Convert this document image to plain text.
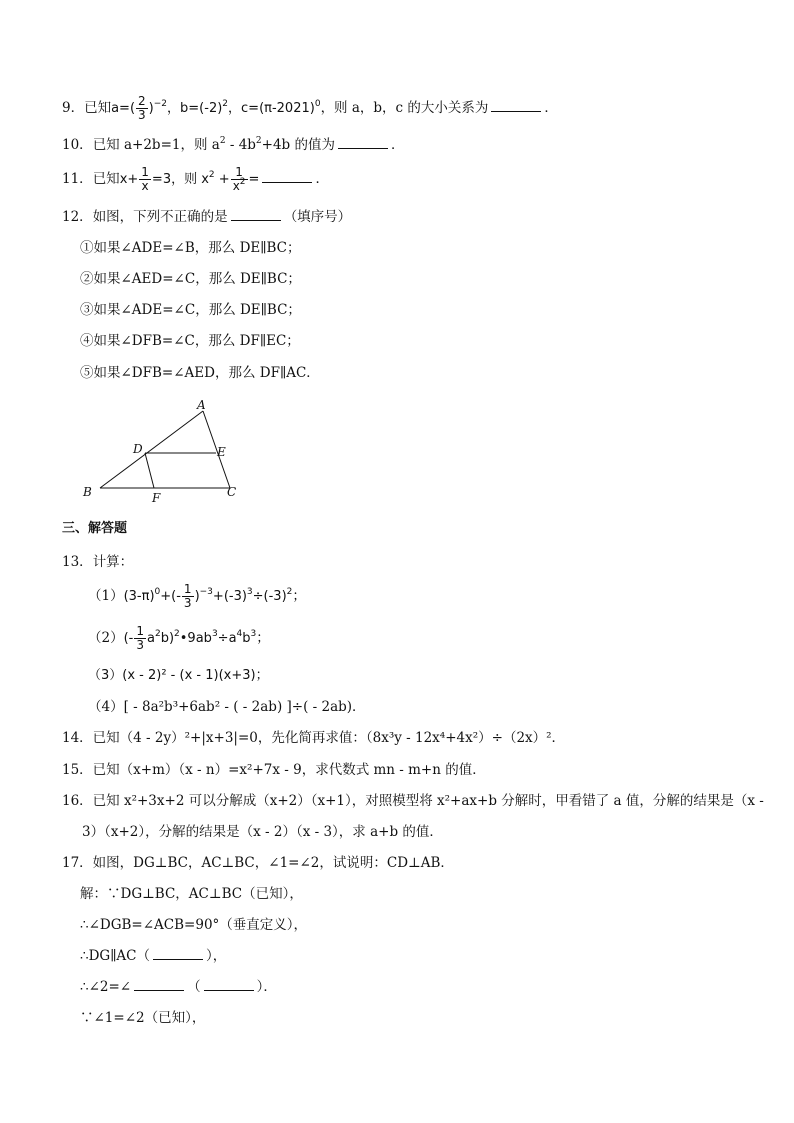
9．已知$a=( \frac{2}{3} )^{-2}$，$b=(-2)^2$，$c=(\pi-2021)^0$，则 a，b，c 的大小关系为	．
10．已知 a+2b=1，则 $a^2 - 4b^2+4b$ 的值为	．
11．已知$x+ \frac{1}{x} =3$，则 $x^2 + \frac{1}{x^2}$ =	．
12．如图，下列不正确的是	（填序号）
①如果∠ADE=∠B，那么 DE∥BC；
②如果∠AED=∠C，那么 DE∥BC；
③如果∠ADE=∠C，那么 DE∥BC；
④如果∠DFB=∠C，那么 DF∥EC；
⑤如果∠DFB=∠AED，那么 DF∥AC．
A
D	E
B	F	C
三、解答题
13．计算：
$(1)(3-\pi)^0+(- \frac{1}{3} )^{-3}+(-3)^3\div(-3)^2$；
$(2)(- \frac{1}{3}$ $a^2b)^2•9ab^3\div a^4b^3$；
（3）(x - 2)² - (x - 1)(x+3)；
（4）[ - 8a²b³+6ab² - ( - 2ab) ]÷( - 2ab)．
14．已知（4 - 2y）²+|x+3|=0，先化简再求值：（8x³y - 12x⁴+4x²）÷（2x）²．
15．已知（x+m）（x - n）=x²+7x - 9，求代数式 mn - m+n 的值．
16．已知 x²+3x+2 可以分解成（x+2）（x+1），对照模型将 x²+ax+b 分解时，甲看错了 a 值，分解的结果是（x -
3）（x+2），分解的结果是（x - 2）（x - 3），求 a+b 的值．
17．如图，DG⊥BC，AC⊥BC，∠1=∠2，试说明：CD⊥AB．
解：∵DG⊥BC，AC⊥BC（已知），
∴∠DGB=∠ACB=90°（垂直定义），
∴DG∥AC（	），
∴∠2=∠	（	）．
∵∠1=∠2（已知），
